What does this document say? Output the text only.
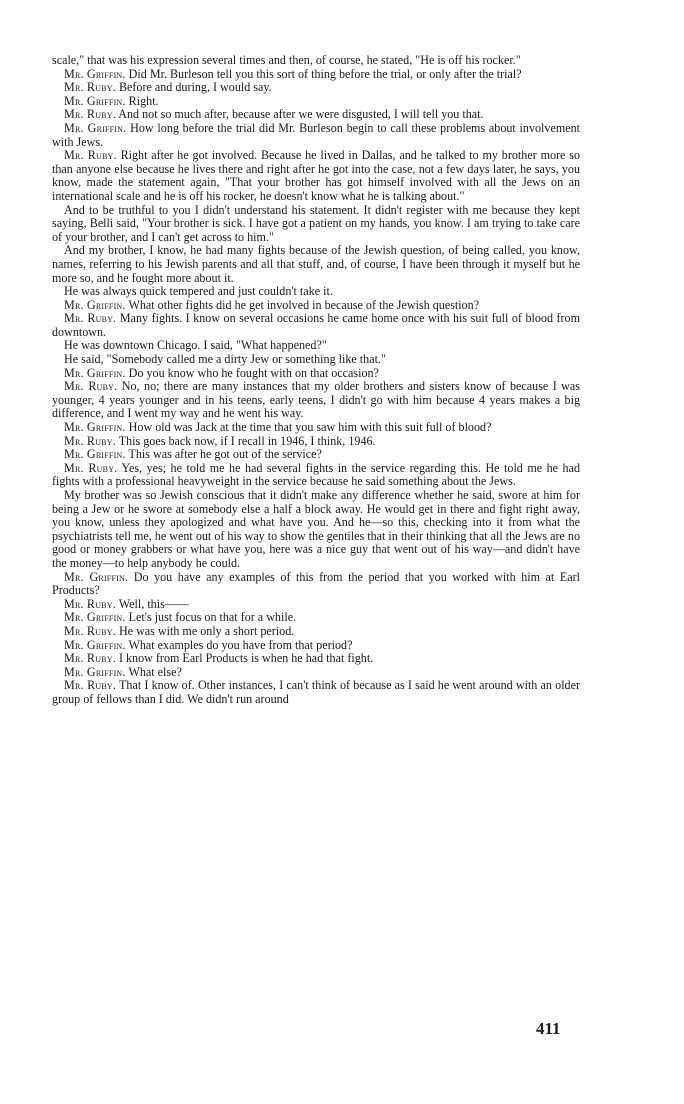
scale," that was his expression several times and then, of course, he stated, "He is off his rocker."

Mr. Griffin. Did Mr. Burleson tell you this sort of thing before the trial, or only after the trial?

Mr. Ruby. Before and during, I would say.

Mr. Griffin. Right.

Mr. Ruby. And not so much after, because after we were disgusted, I will tell you that.

Mr. Griffin. How long before the trial did Mr. Burleson begin to call these problems about involvement with Jews.

Mr. Ruby. Right after he got involved. Because he lived in Dallas, and he talked to my brother more so than anyone else because he lives there and right after he got into the case, not a few days later, he says, you know, made the statement again, "That your brother has got himself involved with all the Jews on an international scale and he is off his rocker, he doesn't know what he is talking about."

And to be truthful to you I didn't understand his statement. It didn't register with me because they kept saying, Belli said, "Your brother is sick. I have got a patient on my hands, you know. I am trying to take care of your brother, and I can't get across to him."

And my brother, I know, he had many fights because of the Jewish question, of being called, you know, names, referring to his Jewish parents and all that stuff, and, of course, I have been through it myself but he more so, and he fought more about it.

He was always quick tempered and just couldn't take it.

Mr. Griffin. What other fights did he get involved in because of the Jewish question?

Mr. Ruby. Many fights. I know on several occasions he came home once with his suit full of blood from downtown.

He was downtown Chicago. I said, "What happened?"

He said, "Somebody called me a dirty Jew or something like that."

Mr. Griffin. Do you know who he fought with on that occasion?

Mr. Ruby. No, no; there are many instances that my older brothers and sisters know of because I was younger, 4 years younger and in his teens, early teens, I didn't go with him because 4 years makes a big difference, and I went my way and he went his way.

Mr. Griffin. How old was Jack at the time that you saw him with this suit full of blood?

Mr. Ruby. This goes back now, if I recall in 1946, I think, 1946.

Mr. Griffin. This was after he got out of the service?

Mr. Ruby. Yes, yes; he told me he had several fights in the service regarding this. He told me he had fights with a professional heavyweight in the service because he said something about the Jews.

My brother was so Jewish conscious that it didn't make any difference whether he said, swore at him for being a Jew or he swore at somebody else a half a block away. He would get in there and fight right away, you know, unless they apologized and what have you. And he—so this, checking into it from what the psychiatrists tell me, he went out of his way to show the gentiles that in their thinking that all the Jews are no good or money grabbers or what have you, here was a nice guy that went out of his way—and didn't have the money—to help anybody he could.

Mr. Griffin. Do you have any examples of this from the period that you worked with him at Earl Products?

Mr. Ruby. Well, this——

Mr. Griffin. Let's just focus on that for a while.

Mr. Ruby. He was with me only a short period.

Mr. Griffin. What examples do you have from that period?

Mr. Ruby. I know from Earl Products is when he had that fight.

Mr. Griffin. What else?

Mr. Ruby. That I know of. Other instances, I can't think of because as I said he went around with an older group of fellows than I did. We didn't run around

411
